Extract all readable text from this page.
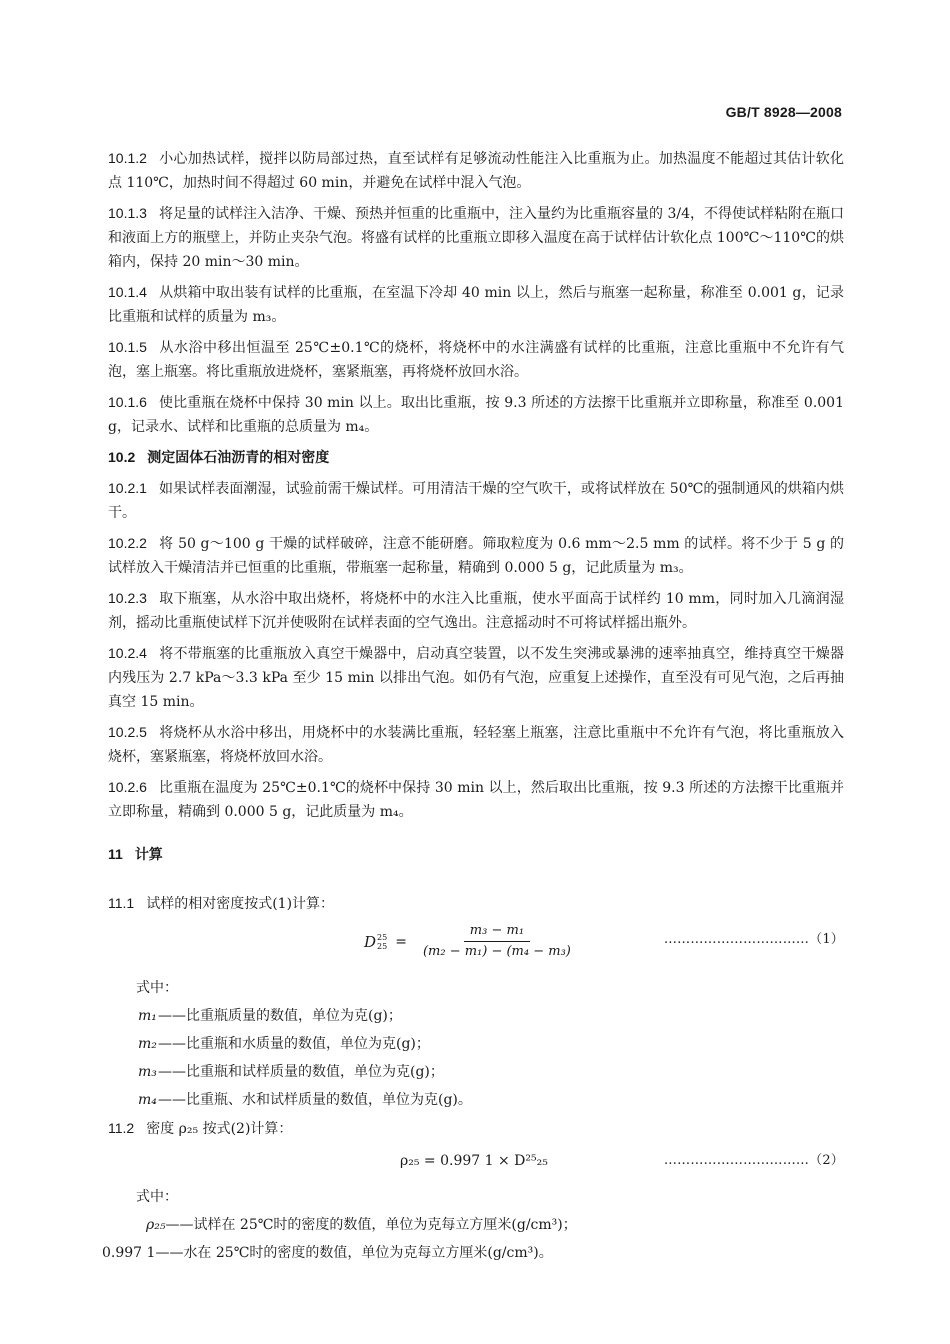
GB/T 8928—2008
10.1.2 小心加热试样，搅拌以防局部过热，直至试样有足够流动性能注入比重瓶为止。加热温度不能超过其估计软化点 110℃，加热时间不得超过 60 min，并避免在试样中混入气泡。
10.1.3 将足量的试样注入洁净、干燥、预热并恒重的比重瓶中，注入量约为比重瓶容量的 3/4，不得使试样粘附在瓶口和液面上方的瓶壁上，并防止夹杂气泡。将盛有试样的比重瓶立即移入温度在高于试样估计软化点 100℃～110℃的烘箱内，保持 20 min～30 min。
10.1.4 从烘箱中取出装有试样的比重瓶，在室温下冷却 40 min 以上，然后与瓶塞一起称量，称准至 0.001 g，记录比重瓶和试样的质量为 m₃。
10.1.5 从水浴中移出恒温至 25℃±0.1℃的烧杯，将烧杯中的水注满盛有试样的比重瓶，注意比重瓶中不允许有气泡，塞上瓶塞。将比重瓶放进烧杯，塞紧瓶塞，再将烧杯放回水浴。
10.1.6 使比重瓶在烧杯中保持 30 min 以上。取出比重瓶，按 9.3 所述的方法擦干比重瓶并立即称量，称准至 0.001 g，记录水、试样和比重瓶的总质量为 m₄。
10.2 测定固体石油沥青的相对密度
10.2.1 如果试样表面潮湿，试验前需干燥试样。可用清洁干燥的空气吹干，或将试样放在 50℃的强制通风的烘箱内烘干。
10.2.2 将 50 g～100 g 干燥的试样破碎，注意不能研磨。筛取粒度为 0.6 mm～2.5 mm 的试样。将不少于 5 g 的试样放入干燥清洁并已恒重的比重瓶，带瓶塞一起称量，精确到 0.000 5 g，记此质量为 m₃。
10.2.3 取下瓶塞，从水浴中取出烧杯，将烧杯中的水注入比重瓶，使水平面高于试样约 10 mm，同时加入几滴润湿剂，摇动比重瓶使试样下沉并使吸附在试样表面的空气逸出。注意摇动时不可将试样摇出瓶外。
10.2.4 将不带瓶塞的比重瓶放入真空干燥器中，启动真空装置，以不发生突沸或暴沸的速率抽真空，维持真空干燥器内残压为 2.7 kPa～3.3 kPa 至少 15 min 以排出气泡。如仍有气泡，应重复上述操作，直至没有可见气泡，之后再抽真空 15 min。
10.2.5 将烧杯从水浴中移出，用烧杯中的水装满比重瓶，轻轻塞上瓶塞，注意比重瓶中不允许有气泡，将比重瓶放入烧杯，塞紧瓶塞，将烧杯放回水浴。
10.2.6 比重瓶在温度为 25℃±0.1℃的烧杯中保持 30 min 以上，然后取出比重瓶，按 9.3 所述的方法擦干比重瓶并立即称量，精确到 0.000 5 g，记此质量为 m₄。
11 计算
11.1 试样的相对密度按式(1)计算：
D 25
$25 = \frac{\text{m₃ − m₁}}{\text{(m₂ − m₁) − (m₄ − m₃)}}$	……………………………（1）
式中：
m₁——比重瓶质量的数值，单位为克(g)；
m₂——比重瓶和水质量的数值，单位为克(g)；
m₃——比重瓶和试样质量的数值，单位为克(g)；
m₄——比重瓶、水和试样质量的数值，单位为克(g)。
11.2 密度 ρ₂₅ 按式(2)计算：
ρ₂₅ = 0.997 1 × D²⁵₂₅	……………………………（2）
式中：
ρ₂₅——试样在 25℃时的密度的数值，单位为克每立方厘米(g/cm³)；
0.997 1——水在 25℃时的密度的数值，单位为克每立方厘米(g/cm³)。
